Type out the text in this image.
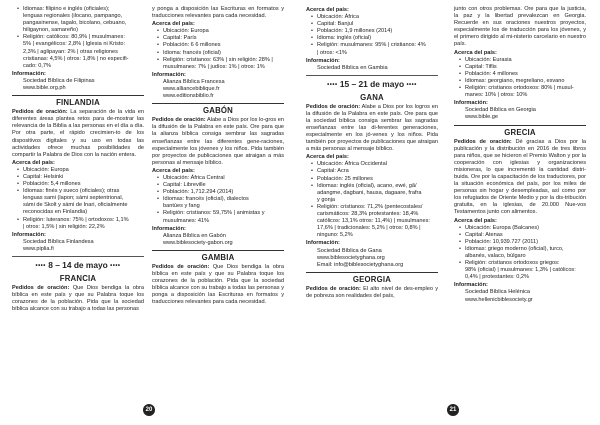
• Idiomas: filipino e inglés (oficiales);
lenguas regionales (ilocano, pampango,
pangasinense, tagalo, bicolano, cebuano,
hiligaynon, samareño)
• Religión: católicos: 80,9% | musulmanes:
5% | evangélicos: 2,8% | Iglesia ni Kristo:
2,3% | aglipayan: 2% | otras religiones
cristianas: 4,5% | otros: 1,8% | no especifi-
cado: 0,7%

Información:

Sociedad Bíblica de Filipinas

www.bible.org.ph

FINLANDIA

Pedidos de oración: La separación de la vida en diferentes áreas plantea retos para de-mostrar las relevancia de la Biblia a las personas en el día a día. Por otra parte, el rápido crecimien-to de los dispositivos digitales y su uso en todas las actividades ofrece muchas posibilidades de compartir la Palabra de Dios con la nación entera.

Acerca del país:

• Ubicación: Europa
• Capital: Helsinki
• Población: 5,4 millones
• Idiomas: finés y sueco (oficiales); otras
lenguas sami (lapon; sámi septentrional,
sámi de Skolt y sámi de Inari, oficialmente
reconocidas en Finlandia)
• Religión: luteranos: 75% | ortodoxos: 1,1%
| otros: 1,5% | sin religión: 22,2%

Información:

Sociedad Bíblica Finlandesa

www.piplia.fi

•••• 8 – 14 de mayo ••••
FRANCIA

Pedidos de oración: Que Dios bendiga la obra bíblica en este país y que su Palabra toque los corazones de la población. Pida que la sociedad bíblica alcance con su trabajo a todas las personas

y ponga a disposición las Escrituras en formatos y traducciones relevantes para cada necesidad.

Acerca del país:

• Ubicación: Europa
• Capital: París
• Población: 6 6 millones
• Idioma: francés (oficial)
• Religión: cristianos: 63% | sin religión: 28% |
musulmanes: 7% | judíos: 1% | otros: 1%

Información:

Alianza Bíblica Francesa

www.alliancebiblique.fr

www.editionsbiblio.fr

GABÓN

Pedidos de oración: Alabe a Dios por los lo-gros en la difusión de la Palabra en este país. Ore para que la alianza bíblica consiga sembrar las sagradas enseñanzas entre las diferentes gene-raciones, especialmente los jóvenes y los niños. Pida también por proyectos de publicaciones que atraigan a más personas al mensaje bíblico.

Acerca del país:

• Ubicación: África Central
• Capital: Libreville
• Población: 1,712.294 (2014)
• Idiomas: francés (oficial), dialectos
bantúes y fang
• Religión: cristianos: 59,75% | animistas y
musulmanes: 41%

Información:

Alianza Bíblica en Gabón

www.biblesociety-gabon.org

GAMBIA

Pedidos de oración: Que Dios bendiga la obra bíblica en este país y que su Palabra toque los corazones de la población. Pida que la sociedad bíblica alcance con su trabajo a todas las personas y ponga a disposición las Escrituras en formatos y traducciones relevantes para cada necesidad.

Acerca del país:

• Ubicación: África
• Capital: Banjul
• Población: 1,9 millones (2014)
• Idioma: inglés (oficial)
• Religión: musulmanes: 95% | cristianos: 4%
| otros: <1%

Información:

Sociedad Bíblica en Gambia

•••• 15 – 21 de mayo ••••
GANA

Pedidos de oración: Alabe a Dios por los logros en la difusión de la Palabra en este país. Ore para que la sociedad bíblica consiga sembrar las sagradas enseñanzas entre las di-ferentes generaciones, especialmente en los jó-venes y los niños. Pida también por proyectos de publicaciones que atraigan a más personas al mensaje bíblico.

Acerca del país:

• Ubicación: África Occidental
• Capital: Acra
• Población: 25 millones
• Idiomas: inglés (oficial), acano, ewé, gã/
adangme, dagbani, hausa, dagaare, frafra
y gonja
• Religión: cristianos: 71,2% (pentecostales/
carismáticos: 28,3% protestantes: 18,4%
católicos: 13,1% otros: 11,4%) | musulmanes:
17,6% | tradicionales: 5,2% | otros: 0,8% |
ninguno: 5,2%

Información:

Sociedad Bíblica de Gana

www.biblesocietyghana.org

Email: info@biblesocietyghana.org

GEORGIA

Pedidos de oración: El alto nivel de des-empleo y de pobreza son realidades del país,

junto con otros problemas. Ore para que la justicia, la paz y la libertad prevalezcan en Georgia. Recuerde en sus oraciones nuestros proyectos, especialmente los de traducción para los jóvenes, y el primero dirigido al mi-nisterio carcelario en nuestro país.

Acerca del país:

• Ubicación: Eurasia
• Capital: Tiflis
• Población: 4 millones
• Idiomas: georgiano, megreliano, esvano
• Religión: cristianos ortodoxos: 80% | musul-
manes: 10% | otros: 10%

Información:

Sociedad Bíblica en Georgia

www.bible.ge

GRECIA

Pedidos de oración: Dé gracias a Dios por la publicación y la distribución en 2016 de tres libros para niños, que se hicieron el Premio Walton y por la cooperación con iglesias y organizaciones misioneras, lo que incrementó la cantidad distri-buida. Ore por la capacitación de los traductores, por la situación económica del país, por los miles de personas sin hogar y desempleadas, así como por los refugiados de Oriente Medio y por la dis-tribución gratuita, en la iglesias, de 20.000 Nue-vos Testamentos junto con alimentos.

Acerca del país:

• Ubicación: Europa (Balcanes)
• Capital: Atenas
• Población: 10,939.727 (2011)
• Idiomas: griego moderno (oficial), turco,
albanés, valaco, búlgaro
• Religión: cristianos ortodoxos griegos:
98% (oficial) | musulmanes: 1,3% | católicos:
0,4% | protestantes: 0,2%

Información:

Sociedad Bíblica Helénica

www.hellenicbiblesociety.gr

20	21
